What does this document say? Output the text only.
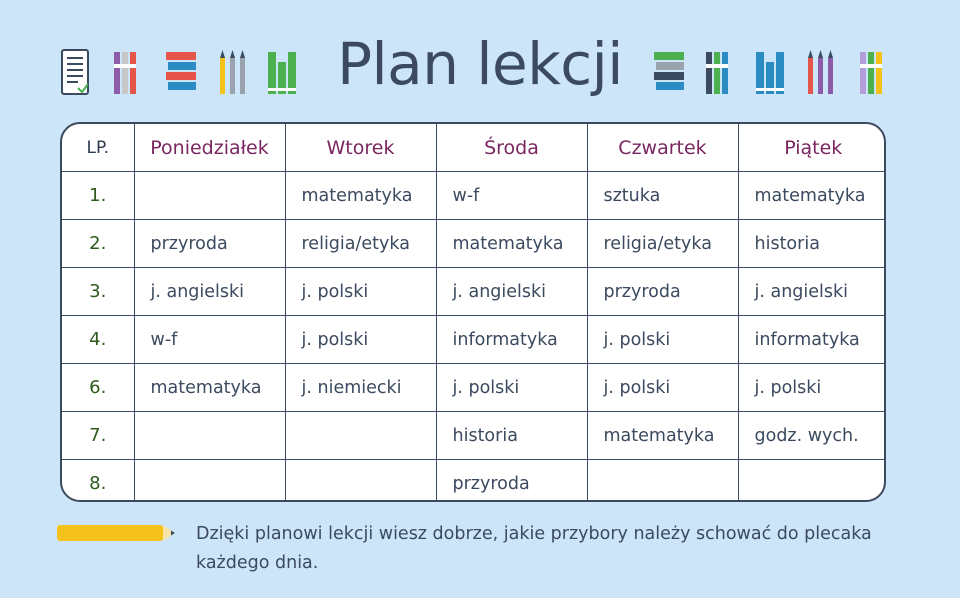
Plan lekcji
LP.	Poniedziałek	Wtorek	Środa	Czwartek	Piątek
1.		matematyka	w-f	sztuka	matematyka
2.	przyroda	religia/etyka	matematyka	religia/etyka	historia
3.	j. angielski	j. polski	j. angielski	przyroda	j. angielski
4.	w-f	j. polski	informatyka	j. polski	informatyka
6.	matematyka	j. niemiecki	j. polski	j. polski	j. polski
7.			historia	matematyka	godz. wych.
8.			przyroda		
Dzięki planowi lekcji wiesz dobrze, jakie przybory należy schować do plecaka każdego dnia.
